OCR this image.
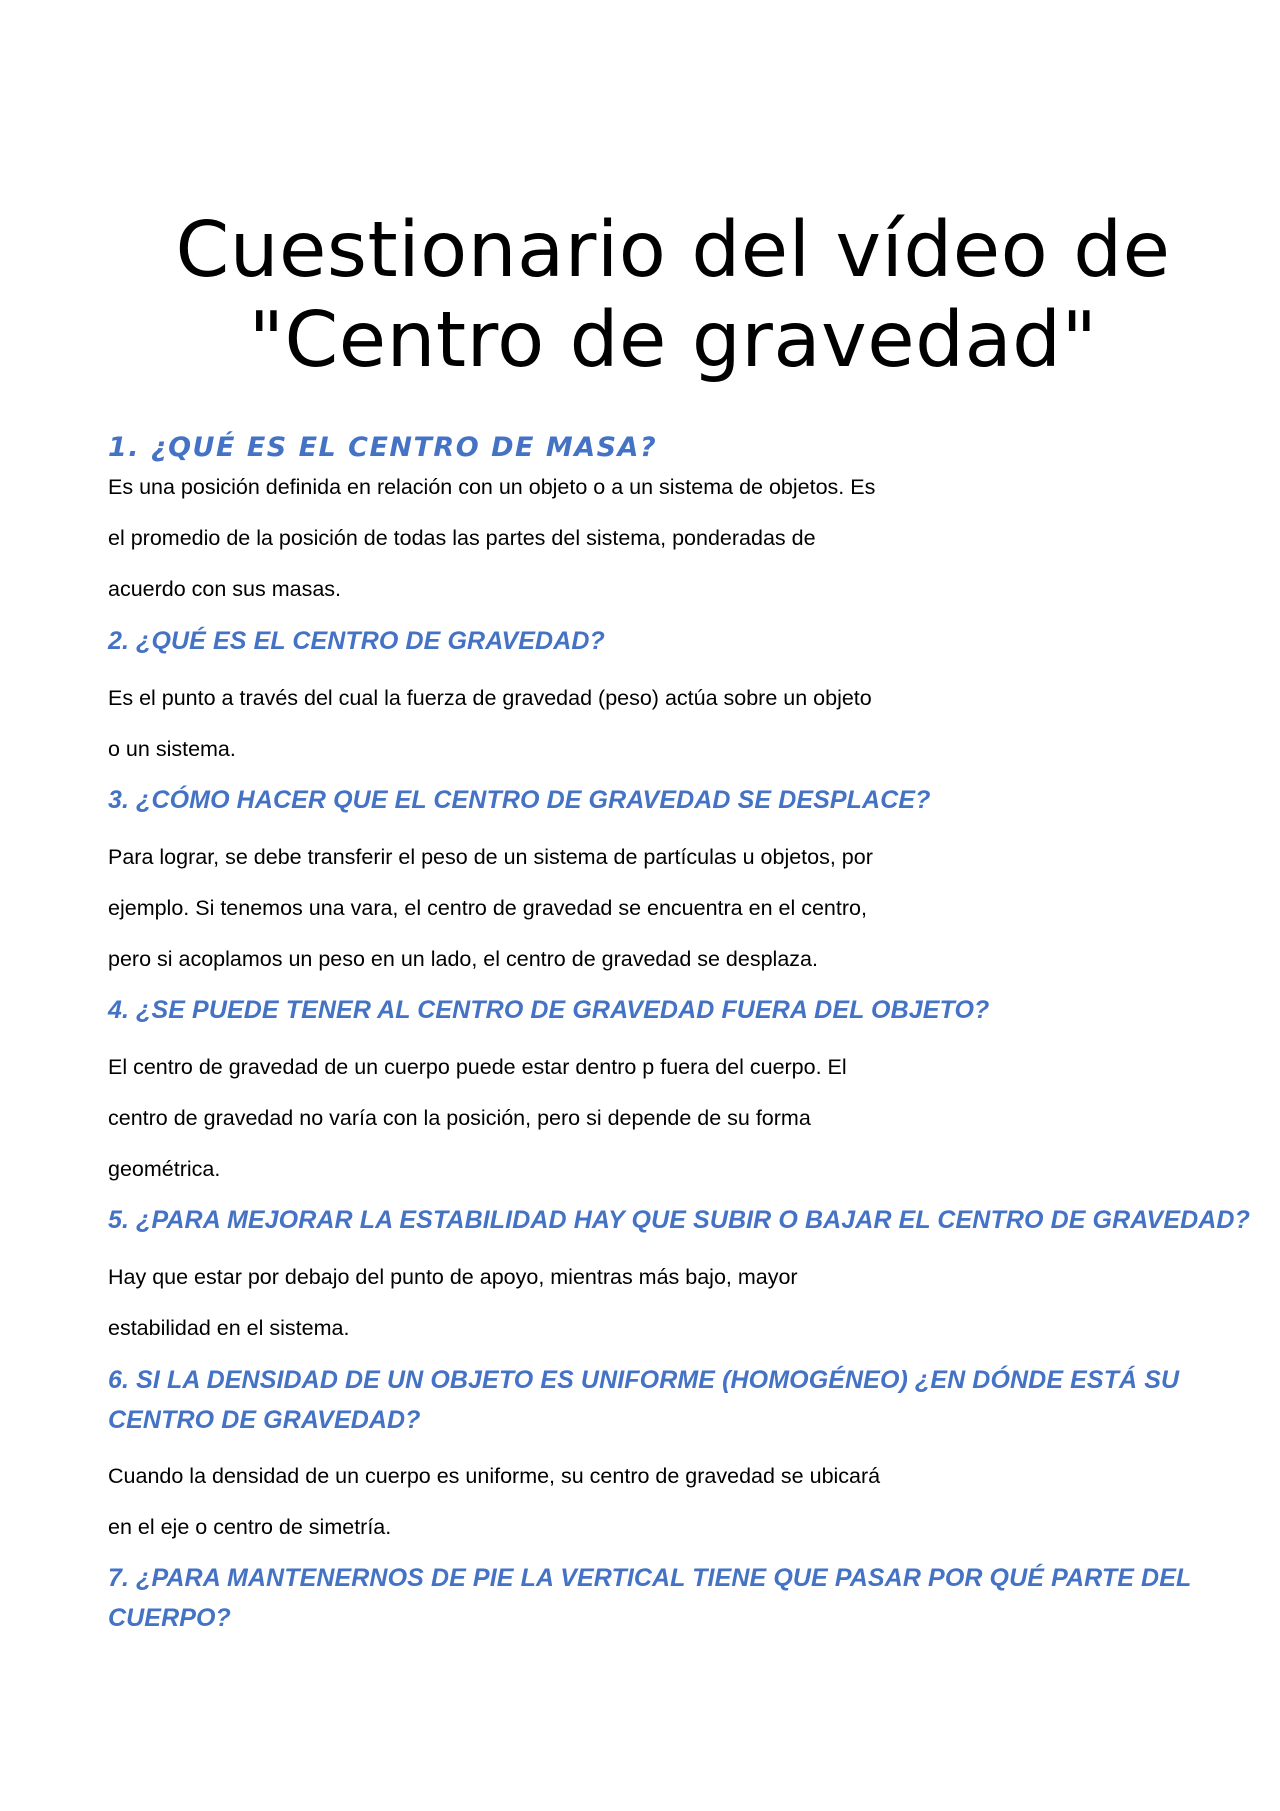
Cuestionario del vídeo de
"Centro de gravedad"
1. ¿QUÉ ES EL CENTRO DE MASA?

Es una posición definida en relación con un objeto o a un sistema de objetos. Es
el promedio de la posición de todas las partes del sistema, ponderadas de
acuerdo con sus masas.

2. ¿QUÉ ES EL CENTRO DE GRAVEDAD?

Es el punto a través del cual la fuerza de gravedad (peso) actúa sobre un objeto
o un sistema.

3. ¿CÓMO HACER QUE EL CENTRO DE GRAVEDAD SE DESPLACE?

Para lograr, se debe transferir el peso de un sistema de partículas u objetos, por
ejemplo. Si tenemos una vara, el centro de gravedad se encuentra en el centro,
pero si acoplamos un peso en un lado, el centro de gravedad se desplaza.

4. ¿SE PUEDE TENER AL CENTRO DE GRAVEDAD FUERA DEL OBJETO?

El centro de gravedad de un cuerpo puede estar dentro p fuera del cuerpo. El
centro de gravedad no varía con la posición, pero si depende de su forma
geométrica.

5. ¿PARA MEJORAR LA ESTABILIDAD HAY QUE SUBIR O BAJAR EL CENTRO DE GRAVEDAD?

Hay que estar por debajo del punto de apoyo, mientras más bajo, mayor
estabilidad en el sistema.

6. SI LA DENSIDAD DE UN OBJETO ES UNIFORME (HOMOGÉNEO) ¿EN DÓNDE ESTÁ SU
CENTRO DE GRAVEDAD?

Cuando la densidad de un cuerpo es uniforme, su centro de gravedad se ubicará
en el eje o centro de simetría.

7. ¿PARA MANTENERNOS DE PIE LA VERTICAL TIENE QUE PASAR POR QUÉ PARTE DEL
CUERPO?
